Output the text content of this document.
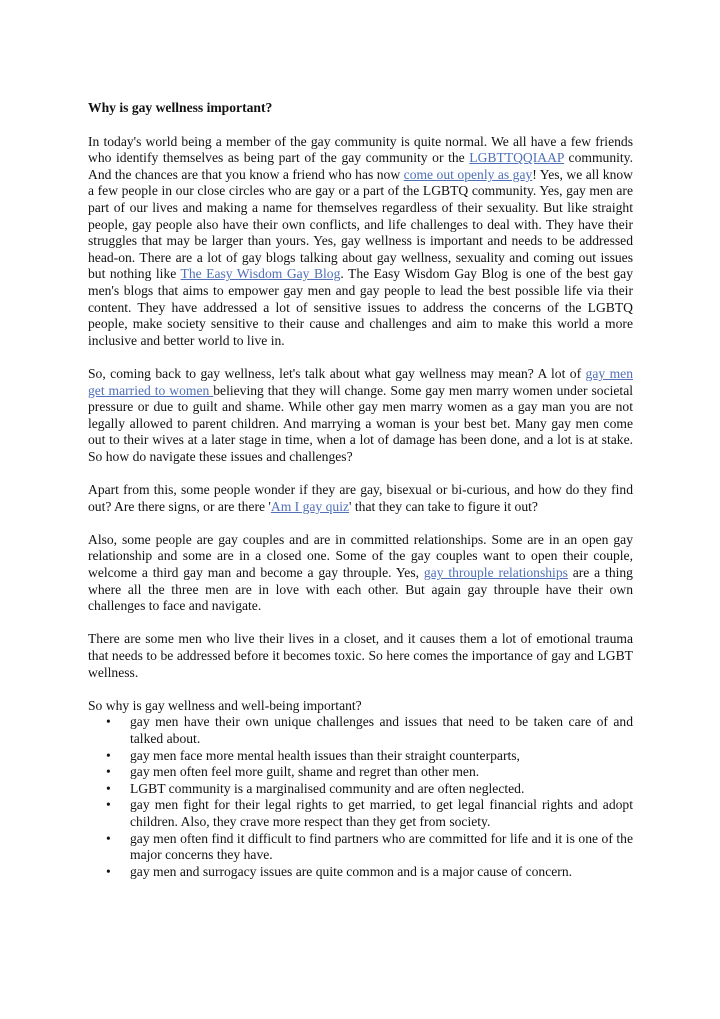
Why is gay wellness important?

In today's world being a member of the gay community is quite normal. We all have a few friends who identify themselves as being part of the gay community or the LGBTTQQIAAP community. And the chances are that you know a friend who has now come out openly as gay! Yes, we all know a few people in our close circles who are gay or a part of the LGBTQ community. Yes, gay men are part of our lives and making a name for themselves regardless of their sexuality. But like straight people, gay people also have their own conflicts, and life challenges to deal with. They have their struggles that may be larger than yours. Yes, gay wellness is important and needs to be addressed head-on. There are a lot of gay blogs talking about gay wellness, sexuality and coming out issues but nothing like The Easy Wisdom Gay Blog. The Easy Wisdom Gay Blog is one of the best gay men's blogs that aims to empower gay men and gay people to lead the best possible life via their content. They have addressed a lot of sensitive issues to address the concerns of the LGBTQ people, make society sensitive to their cause and challenges and aim to make this world a more inclusive and better world to live in.

So, coming back to gay wellness, let's talk about what gay wellness may mean? A lot of gay men get married to women believing that they will change. Some gay men marry women under societal pressure or due to guilt and shame. While other gay men marry women as a gay man you are not legally allowed to parent children. And marrying a woman is your best bet. Many gay men come out to their wives at a later stage in time, when a lot of damage has been done, and a lot is at stake. So how do navigate these issues and challenges?

Apart from this, some people wonder if they are gay, bisexual or bi-curious, and how do they find out? Are there signs, or are there 'Am I gay quiz' that they can take to figure it out?

Also, some people are gay couples and are in committed relationships. Some are in an open gay relationship and some are in a closed one. Some of the gay couples want to open their couple, welcome a third gay man and become a gay throuple. Yes, gay throuple relationships are a thing where all the three men are in love with each other. But again gay throuple have their own challenges to face and navigate.

There are some men who live their lives in a closet, and it causes them a lot of emotional trauma that needs to be addressed before it becomes toxic. So here comes the importance of gay and LGBT wellness.

So why is gay wellness and well-being important?
• gay men have their own unique challenges and issues that need to be taken care of and talked about.
• gay men face more mental health issues than their straight counterparts,
• gay men often feel more guilt, shame and regret than other men.
• LGBT community is a marginalised community and are often neglected.
• gay men fight for their legal rights to get married, to get legal financial rights and adopt children. Also, they crave more respect than they get from society.
• gay men often find it difficult to find partners who are committed for life and it is one of the major concerns they have.
• gay men and surrogacy issues are quite common and is a major cause of concern.
